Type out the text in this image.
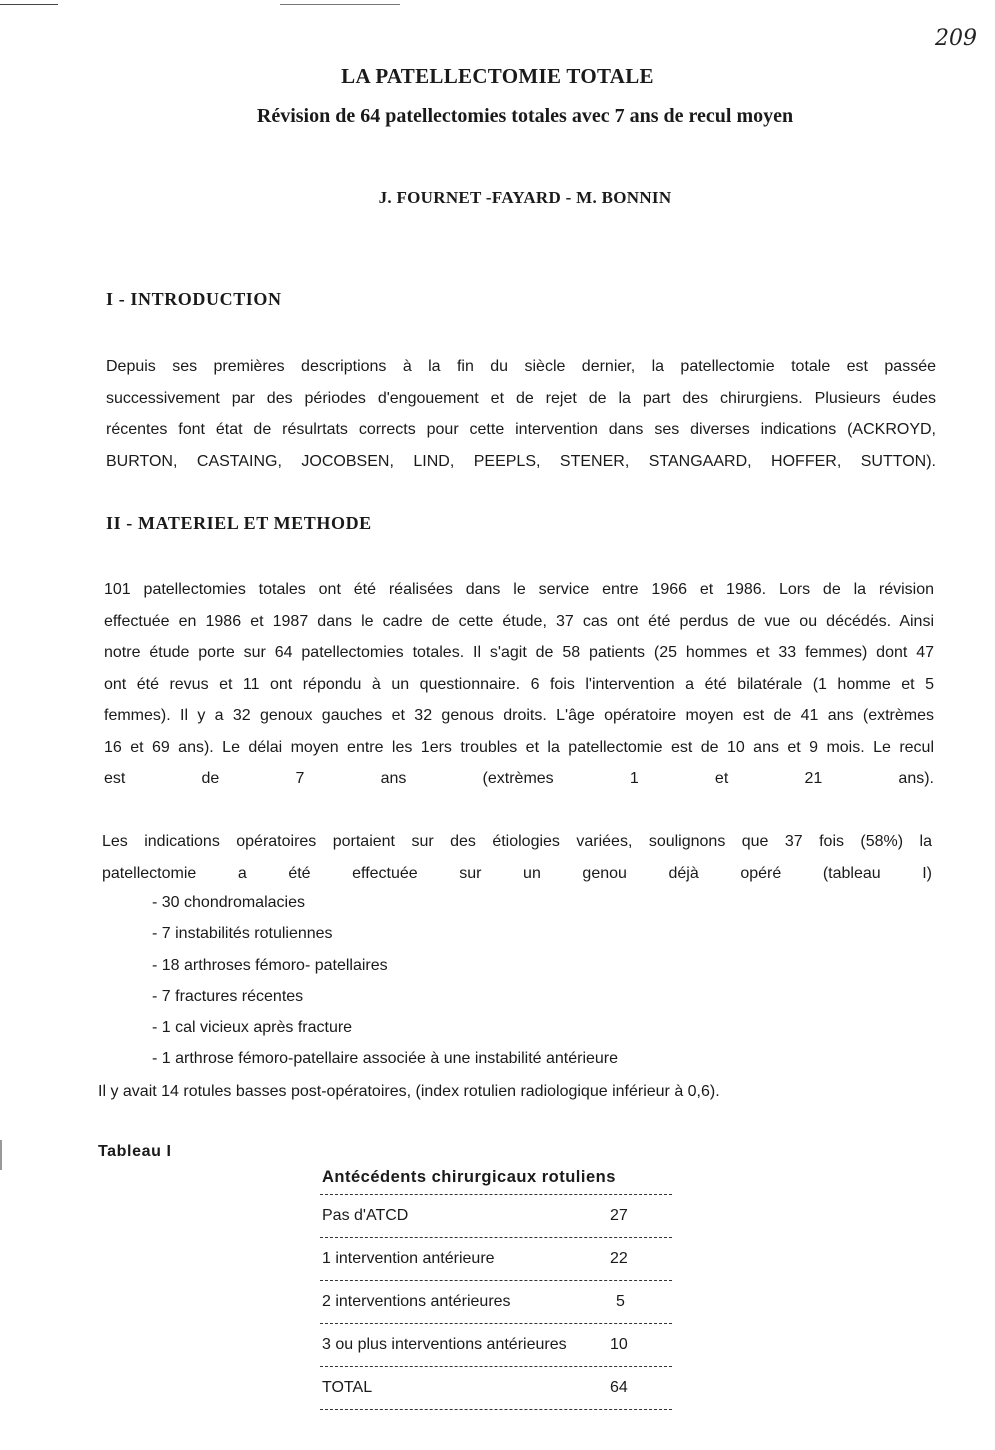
209
LA PATELLECTOMIE TOTALE
Révision de 64 patellectomies totales avec 7 ans de recul moyen
J. FOURNET -FAYARD - M. BONNIN
I - INTRODUCTION
Depuis ses premières descriptions à la fin du siècle dernier, la patellectomie totale est passée
successivement par des périodes d'engouement et de rejet de la part des chirurgiens. Plusieurs éudes
récentes font état de résulrtats corrects pour cette intervention dans ses diverses indications (ACKROYD,
BURTON, CASTAING, JOCOBSEN, LIND, PEEPLS, STENER, STANGAARD, HOFFER, SUTTON).
II - MATERIEL ET METHODE
101 patellectomies totales ont été réalisées dans le service entre 1966 et 1986. Lors de la révision
effectuée en 1986 et 1987 dans le cadre de cette étude, 37 cas ont été perdus de vue ou décédés. Ainsi
notre étude porte sur 64 patellectomies totales. Il s'agit de 58 patients (25 hommes et 33 femmes) dont 47
ont été revus et 11 ont répondu à un questionnaire. 6 fois l'intervention a été bilatérale (1 homme et 5
femmes). Il y a 32 genoux gauches et 32 genous droits. L'âge opératoire moyen est de 41 ans (extrèmes
16 et 69 ans). Le délai moyen entre les 1ers troubles et la patellectomie est de 10 ans et 9 mois. Le recul
est de 7 ans (extrèmes 1 et 21 ans).
Les indications opératoires portaient sur des étiologies variées, soulignons que 37 fois (58%) la
patellectomie a été effectuée sur un genou déjà opéré (tableau I)
- 30 chondromalacies
- 7 instabilités rotuliennes
- 18 arthroses fémoro- patellaires
- 7 fractures récentes
- 1 cal vicieux après fracture
- 1 arthrose fémoro-patellaire associée à une instabilité antérieure
Il y avait 14 rotules basses post-opératoires, (index rotulien radiologique inférieur à 0,6).
Tableau I
Antécédents chirurgicaux rotuliens
Pas d'ATCD	27
1 intervention antérieure	22
2 interventions antérieures	5
3 ou plus interventions antérieures	10
TOTAL	64
